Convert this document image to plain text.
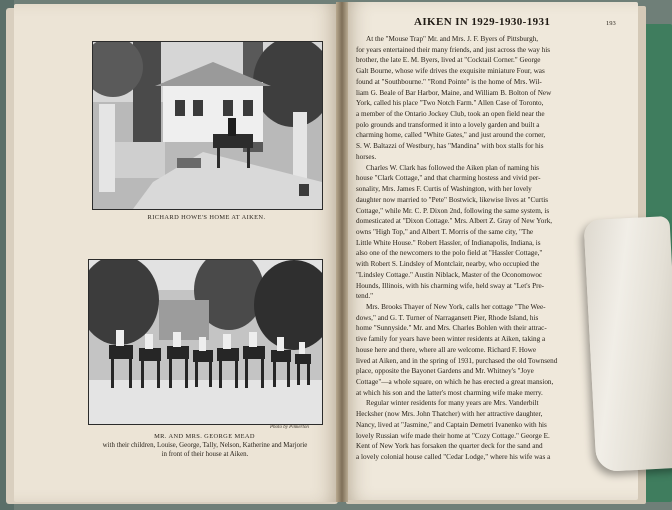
RICHARD HOWE'S HOME AT AIKEN.
Photo by Pinkerton
MR. AND MRS. GEORGE MEAD
with their children, Louise, George, Tally, Nelson, Katherine and Marjorie
in front of their house at Aiken.
AIKEN IN 1929-1930-1931	193
At the "Mouse Trap" Mr. and Mrs. J. F. Byers of Pittsburgh,
for years entertained their many friends, and just across the way his
brother, the late E. M. Byers, lived at "Cocktail Corner." George
Galt Bourne, whose wife drives the exquisite miniature Four, was
found at "Southbourne." "Rond Pointe" is the home of Mrs. Wil-
liam G. Beale of Bar Harbor, Maine, and William B. Bolton of New
York, called his place "Two Notch Farm." Allen Case of Toronto,
a member of the Ontario Jockey Club, took an open field near the
polo grounds and transformed it into a lovely garden and built a
charming home, called "White Gates," and just around the corner,
S. W. Baltazzi of Westbury, has "Mandina" with box stalls for his
horses.
Charles W. Clark has followed the Aiken plan of naming his
house "Clark Cottage," and that charming hostess and vivid per-
sonality, Mrs. James F. Curtis of Washington, with her lovely
daughter now married to "Pete" Bostwick, likewise lives at "Curtis
Cottage," while Mr. C. P. Dixon 2nd, following the same system, is
domesticated at "Dixon Cottage." Mrs. Albert Z. Gray of New York,
owns "High Top," and Albert T. Morris of the same city, "The
Little White House." Robert Hassler, of Indianapolis, Indiana, is
also one of the newcomers to the polo field at "Hassler Cottage,"
with Robert S. Lindsley of Montclair, nearby, who occupied the
"Lindsley Cottage." Austin Niblack, Master of the Oconomowoc
Hounds, Illinois, with his charming wife, held sway at "Let's Pre-
tend."
Mrs. Brooks Thayer of New York, calls her cottage "The Wee-
dows," and G. T. Turner of Narragansett Pier, Rhode Island, his
home "Sunnyside." Mr. and Mrs. Charles Bohlen with their attrac-
tive family for years have been winter residents at Aiken, taking a
house here and there, where all are welcome. Richard F. Howe
lived at Aiken, and in the spring of 1931, purchased the old Townsend
place, opposite the Bayonet Gardens and Mr. Whitney's "Joye
Cottage"—a whole square, on which he has erected a great mansion,
at which his son and the latter's most charming wife make merry.
Regular winter residents for many years are Mrs. Vanderbilt
Hecksher (now Mrs. John Thatcher) with her attractive daughter,
Nancy, lived at "Jasmine," and Captain Demetri Ivanenko with his
lovely Russian wife made their home at "Cozy Cottage." George E.
Kent of New York has forsaken the quarter deck for the sand and
a lovely colonial house called "Cedar Lodge," where his wife was a
